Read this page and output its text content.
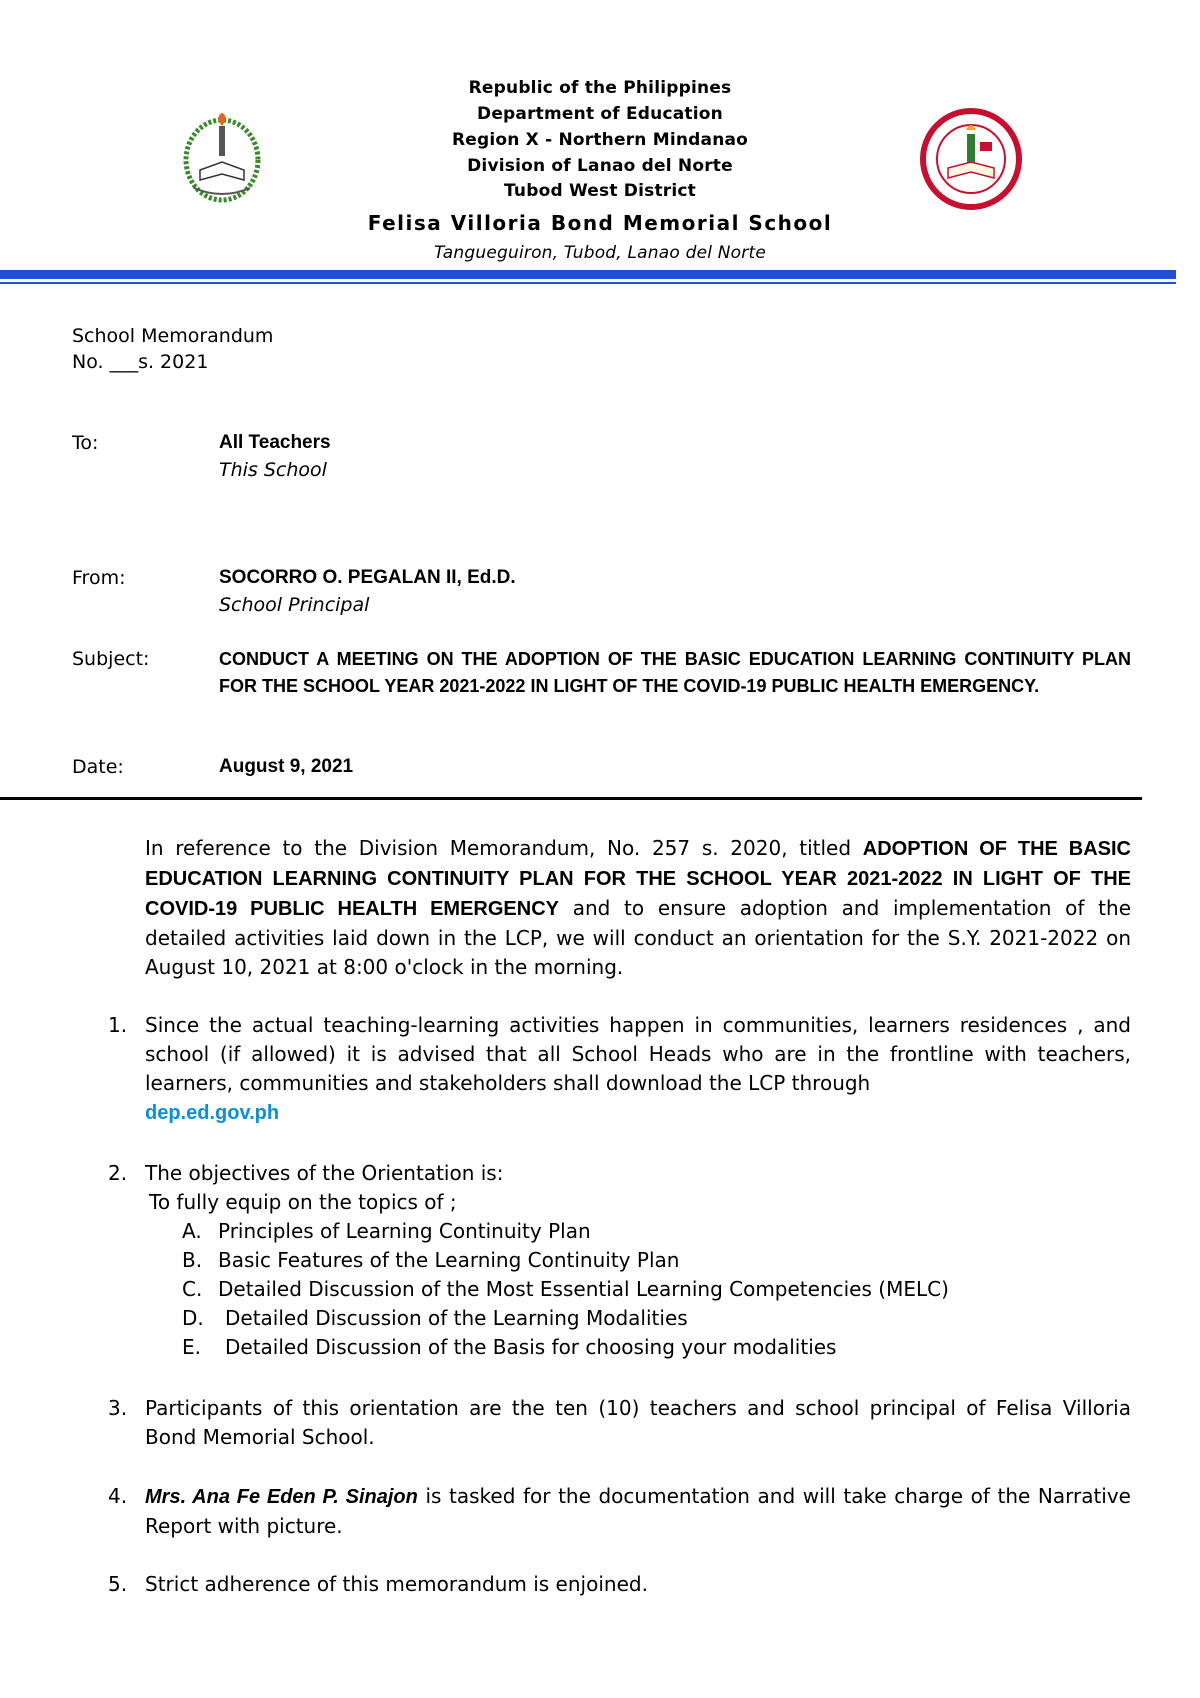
Republic of the Philippines
Department of Education
Region X - Northern Mindanao
Division of Lanao del Norte
Tubod West District
Felisa Villoria Bond Memorial School
Tangueguiron, Tubod, Lanao del Norte
School Memorandum
No. ___s. 2021
To:	All Teachers
This School
From:	SOCORRO O. PEGALAN II, Ed.D.
School Principal
Subject:	CONDUCT A MEETING ON THE ADOPTION OF THE BASIC EDUCATION LEARNING CONTINUITY PLAN FOR THE SCHOOL YEAR 2021-2022 IN LIGHT OF THE COVID-19 PUBLIC HEALTH EMERGENCY.
Date:	August 9, 2021
In reference to the Division Memorandum, No. 257 s. 2020, titled ADOPTION OF THE BASIC EDUCATION LEARNING CONTINUITY PLAN FOR THE SCHOOL YEAR 2021-2022 IN LIGHT OF THE COVID-19 PUBLIC HEALTH EMERGENCY and to ensure adoption and implementation of the detailed activities laid down in the LCP, we will conduct an orientation for the S.Y. 2021-2022 on August 10, 2021 at 8:00 o'clock in the morning.
1. Since the actual teaching-learning activities happen in communities, learners residences , and school (if allowed) it is advised that all School Heads who are in the frontline with teachers, learners, communities and stakeholders shall download the LCP through
dep.ed.gov.ph
2. The objectives of the Orientation is:
To fully equip on the topics of ;
A. Principles of Learning Continuity Plan
B. Basic Features of the Learning Continuity Plan
C. Detailed Discussion of the Most Essential Learning Competencies (MELC)
D. Detailed Discussion of the Learning Modalities
E. Detailed Discussion of the Basis for choosing your modalities
3. Participants of this orientation are the ten (10) teachers and school principal of Felisa Villoria Bond Memorial School.
4. Mrs. Ana Fe Eden P. Sinajon is tasked for the documentation and will take charge of the Narrative Report with picture.
5. Strict adherence of this memorandum is enjoined.
